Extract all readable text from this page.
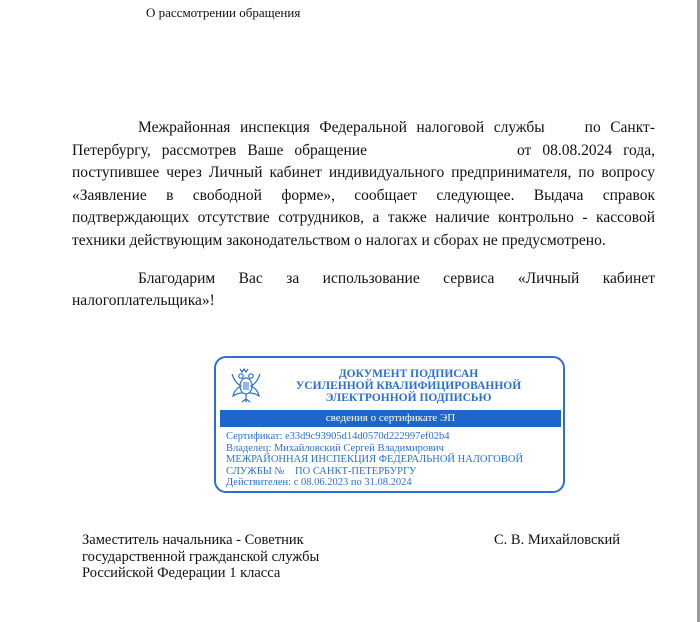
О рассмотрении обращения

Межрайонная инспекция Федеральной налоговой службы	по Санкт-Петербургу, рассмотрев Ваше обращение	от 08.08.2024 года, поступившее через Личный кабинет индивидуального предпринимателя, по вопросу «Заявление в свободной форме», сообщает следующее. Выдача справок подтверждающих отсутствие сотрудников, а также наличие контрольно - кассовой техники действующим законодательством о налогах и сборах не предусмотрено.

Благодарим Вас за использование сервиса «Личный кабинет налогоплательщика»!

ДОКУМЕНТ ПОДПИСАН
УСИЛЕННОЙ КВАЛИФИЦИРОВАННОЙ
ЭЛЕКТРОННОЙ ПОДПИСЬЮ
сведения о сертификате ЭП
Сертификат: e33d9c93905d14d0570d222997ef02b4
Владелец: Михайловский Сергей Владимирович
МЕЖРАЙОННАЯ ИНСПЕКЦИЯ ФЕДЕРАЛЬНОЙ НАЛОГОВОЙ
СЛУЖБЫ №    ПО САНКТ-ПЕТЕРБУРГУ
Действителен: с 08.06.2023 по 31.08.2024
Заместитель начальника - Советник
государственной гражданской службы
Российской Федерации 1 класса
С. В. Михайловский
